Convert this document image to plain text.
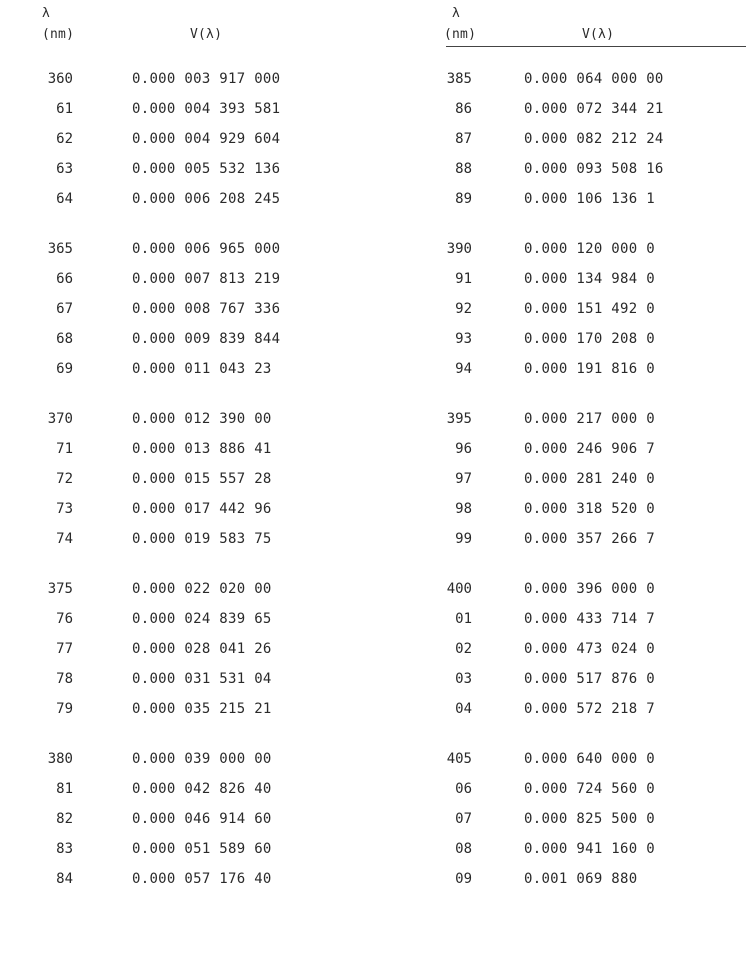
λ
(nm)	V(λ)
360	0.000 003 917 000
61	0.000 004 393 581
62	0.000 004 929 604
63	0.000 005 532 136
64	0.000 006 208 245
365	0.000 006 965 000
66	0.000 007 813 219
67	0.000 008 767 336
68	0.000 009 839 844
69	0.000 011 043 23
370	0.000 012 390 00
71	0.000 013 886 41
72	0.000 015 557 28
73	0.000 017 442 96
74	0.000 019 583 75
375	0.000 022 020 00
76	0.000 024 839 65
77	0.000 028 041 26
78	0.000 031 531 04
79	0.000 035 215 21
380	0.000 039 000 00
81	0.000 042 826 40
82	0.000 046 914 60
83	0.000 051 589 60
84	0.000 057 176 40
λ
(nm)	V(λ)
385	0.000 064 000 00
86	0.000 072 344 21
87	0.000 082 212 24
88	0.000 093 508 16
89	0.000 106 136 1
390	0.000 120 000 0
91	0.000 134 984 0
92	0.000 151 492 0
93	0.000 170 208 0
94	0.000 191 816 0
395	0.000 217 000 0
96	0.000 246 906 7
97	0.000 281 240 0
98	0.000 318 520 0
99	0.000 357 266 7
400	0.000 396 000 0
01	0.000 433 714 7
02	0.000 473 024 0
03	0.000 517 876 0
04	0.000 572 218 7
405	0.000 640 000 0
06	0.000 724 560 0
07	0.000 825 500 0
08	0.000 941 160 0
09	0.001 069 880
